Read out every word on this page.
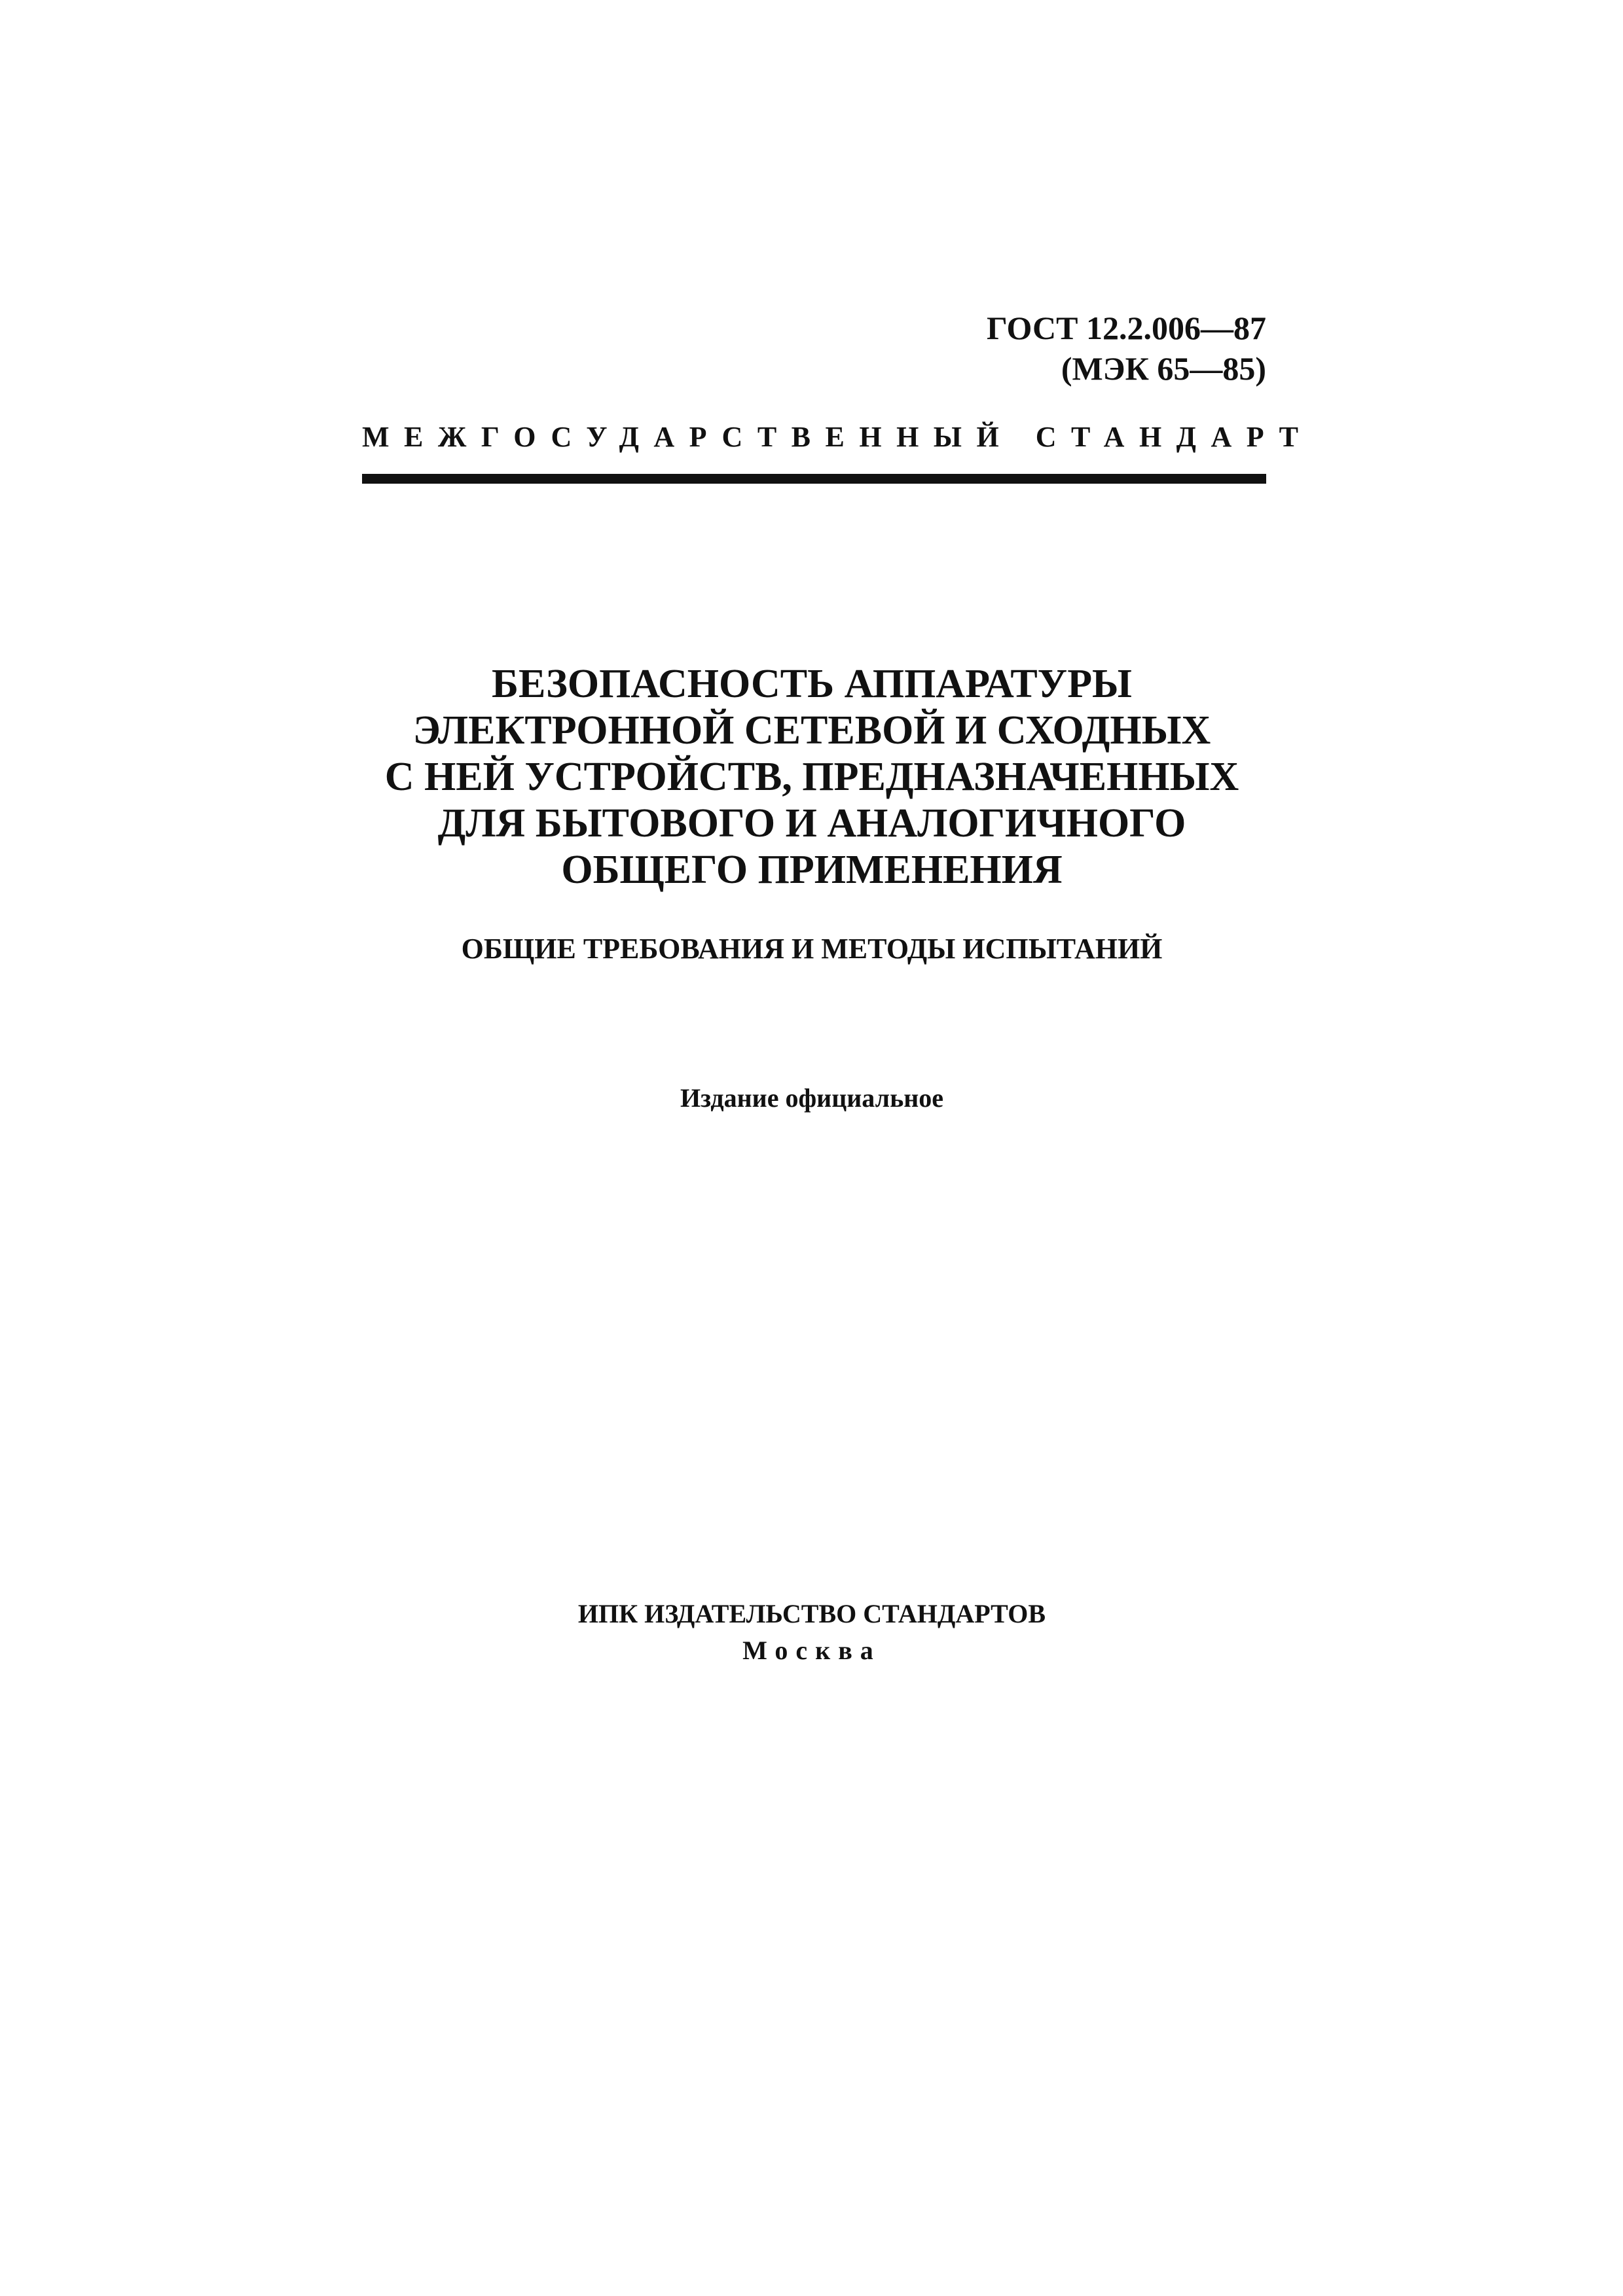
ГОСТ 12.2.006—87
(МЭК 65—85)
МЕЖГОСУДАРСТВЕННЫЙ СТАНДАРТ
БЕЗОПАСНОСТЬ АППАРАТУРЫ
ЭЛЕКТРОННОЙ СЕТЕВОЙ И СХОДНЫХ
С НЕЙ УСТРОЙСТВ, ПРЕДНАЗНАЧЕННЫХ
ДЛЯ БЫТОВОГО И АНАЛОГИЧНОГО
ОБЩЕГО ПРИМЕНЕНИЯ
ОБЩИЕ ТРЕБОВАНИЯ И МЕТОДЫ ИСПЫТАНИЙ
Издание официальное
ИПК ИЗДАТЕЛЬСТВО СТАНДАРТОВ
Москва
